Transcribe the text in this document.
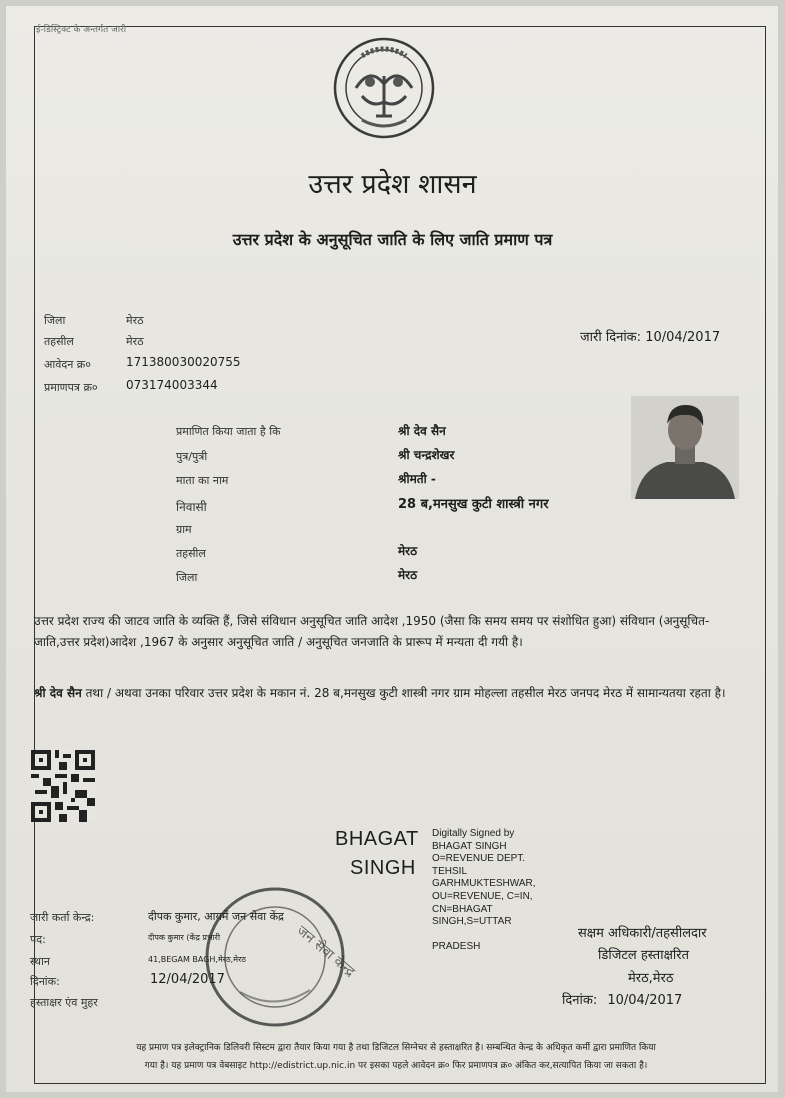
ई-डिस्ट्रिक्ट के अन्तर्गत जारी
उत्तर प्रदेश शासन
उत्तर प्रदेश के अनुसूचित जाति के लिए जाति प्रमाण पत्र
जिला	मेरठ
तहसील	मेरठ
आवेदन क्र०	171380030020755
प्रमाणपत्र क्र० 073174003344
जारी दिनांक: 10/04/2017
प्रमाणित किया जाता है कि	श्री देव सैन
पुत्र/पुत्री	श्री चन्द्रशेखर
माता का नाम	श्रीमती -
निवासी	28 ब,मनसुख कुटी शास्त्री नगर
ग्राम
तहसील	मेरठ
जिला	मेरठ
उत्तर प्रदेश राज्य की जाटव जाति के व्यक्ति हैं, जिसे संविधान अनुसूचित जाति आदेश ,1950 (जैसा कि समय समय पर संशोधित हुआ) संविधान (अनुसूचित-जाति,उत्तर प्रदेश)आदेश ,1967 के अनुसार अनुसूचित जाति / अनुसूचित जनजाति के प्रारूप में मन्यता दी गयी है।
श्री देव सैन तथा / अथवा उनका परिवार उत्तर प्रदेश के मकान नं. 28 ब,मनसुख कुटी शास्त्री नगर ग्राम मोहल्ला तहसील मेरठ जनपद मेरठ में सामान्यतया रहता है।
BHAGAT
SINGH
Digitally Signed by
BHAGAT SINGH
O=REVENUE DEPT.
TEHSIL
GARHMUKTESHWAR,
OU=REVENUE, C=IN,
CN=BHAGAT
SINGH,S=UTTAR
PRADESH
जारी कर्ता केन्द्र:	दीपक कुमार, आयमें जन सेवा केंद्र
पद:	दीपक कुमार (केंद्र प्रभारी
स्थान	41,BEGAM BAGH,मेरठ,मेरठ
दिनांक:	12/04/2017
हस्ताक्षर एंव मुहर
जन सेवा केन्द्र	सक्षम अधिकारी/तहसीलदार
डिजिटल हस्ताक्षरित
मेरठ,मेरठ
दिनांक: 10/04/2017
यह प्रमाण पत्र इलेक्ट्रानिक डिलिवरी सिस्टम द्वारा तैयार किया गया है तथा डिजिटल सिग्नेचर से हस्ताक्षरित है। सम्बन्धित केन्द्र के अधिकृत कर्मी द्वारा प्रमाणित किया
गया है। यह प्रमाण पत्र वेबसाइट http://edistrict.up.nic.in पर इसका पहले आवेदन क्र० फिर प्रमाणपत्र क्र० अंकित कर,सत्यापित किया जा सकता है।
